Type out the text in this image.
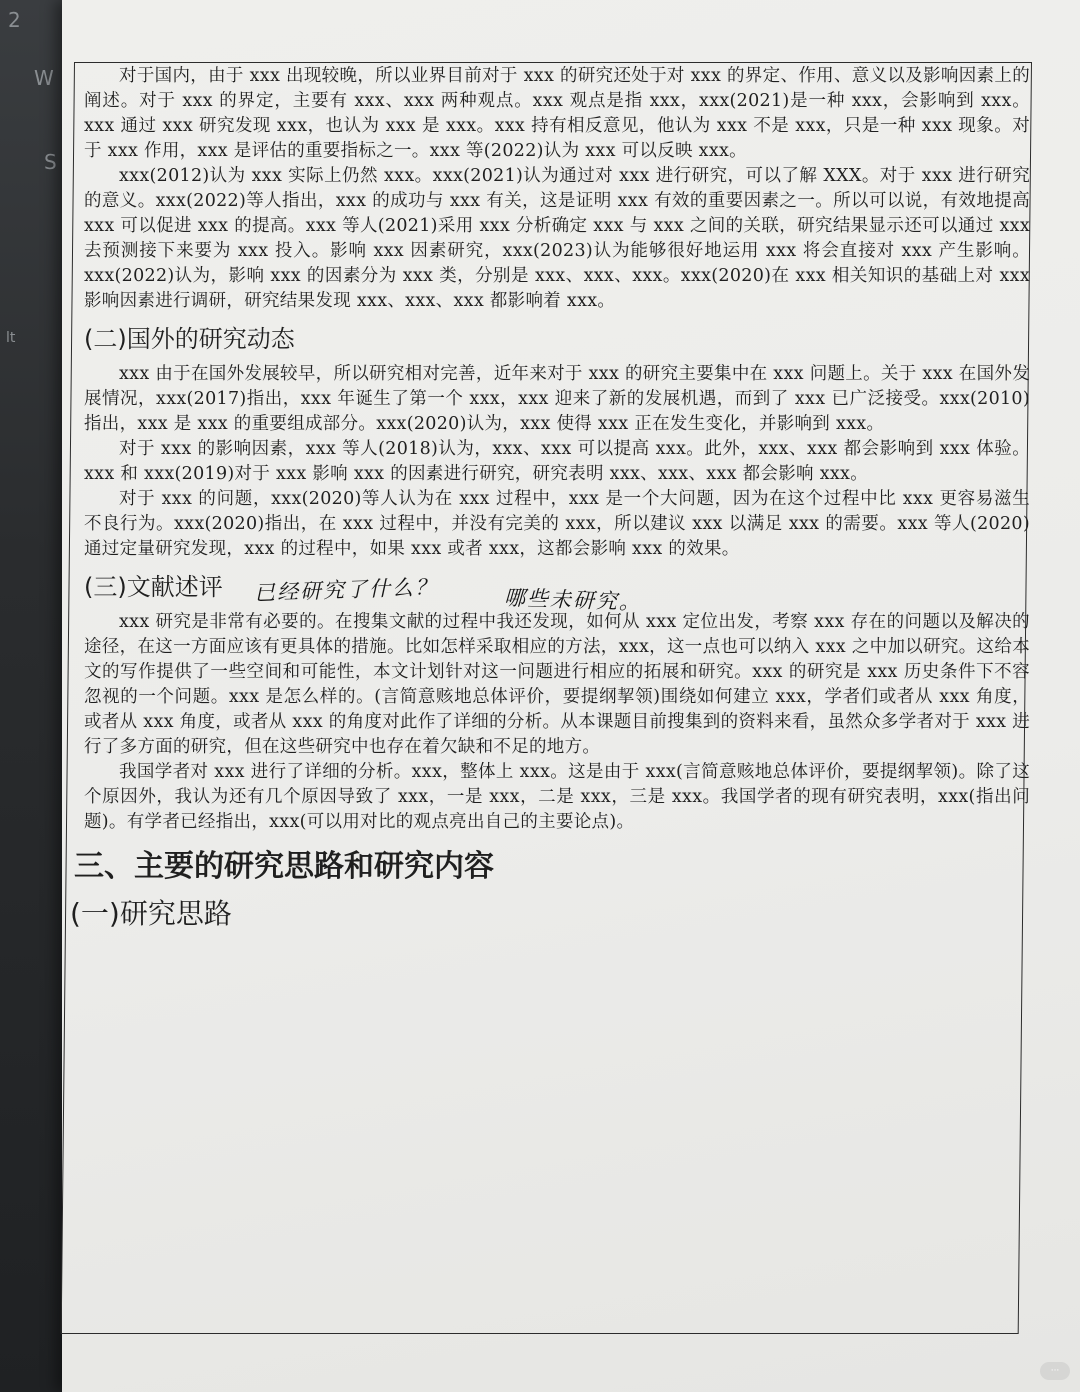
2
W
S
lt

对于国内，由于 xxx 出现较晚，所以业界目前对于 xxx 的研究还处于对 xxx 的界定、作用、意义以及影响因素上的阐述。对于 xxx 的界定，主要有 xxx、xxx 两种观点。xxx 观点是指 xxx，xxx(2021)是一种 xxx，会影响到 xxx。xxx 通过 xxx 研究发现 xxx，也认为 xxx 是 xxx。xxx 持有相反意见，他认为 xxx 不是 xxx，只是一种 xxx 现象。对于 xxx 作用，xxx 是评估的重要指标之一。xxx 等(2022)认为 xxx 可以反映 xxx。

xxx(2012)认为 xxx 实际上仍然 xxx。xxx(2021)认为通过对 xxx 进行研究，可以了解 XXX。对于 xxx 进行研究的意义。xxx(2022)等人指出，xxx 的成功与 xxx 有关，这是证明 xxx 有效的重要因素之一。所以可以说，有效地提高 xxx 可以促进 xxx 的提高。xxx 等人(2021)采用 xxx 分析确定 xxx 与 xxx 之间的关联，研究结果显示还可以通过 xxx 去预测接下来要为 xxx 投入。影响 xxx 因素研究，xxx(2023)认为能够很好地运用 xxx 将会直接对 xxx 产生影响。xxx(2022)认为，影响 xxx 的因素分为 xxx 类，分别是 xxx、xxx、xxx。xxx(2020)在 xxx 相关知识的基础上对 xxx 影响因素进行调研，研究结果发现 xxx、xxx、xxx 都影响着 xxx。

(二)国外的研究动态

xxx 由于在国外发展较早，所以研究相对完善，近年来对于 xxx 的研究主要集中在 xxx 问题上。关于 xxx 在国外发展情况，xxx(2017)指出，xxx 年诞生了第一个 xxx，xxx 迎来了新的发展机遇，而到了 xxx 已广泛接受。xxx(2010)指出，xxx 是 xxx 的重要组成部分。xxx(2020)认为，xxx 使得 xxx 正在发生变化，并影响到 xxx。

对于 xxx 的影响因素，xxx 等人(2018)认为，xxx、xxx 可以提高 xxx。此外，xxx、xxx 都会影响到 xxx 体验。xxx 和 xxx(2019)对于 xxx 影响 xxx 的因素进行研究，研究表明 xxx、xxx、xxx 都会影响 xxx。

对于 xxx 的问题，xxx(2020)等人认为在 xxx 过程中，xxx 是一个大问题，因为在这个过程中比 xxx 更容易滋生不良行为。xxx(2020)指出，在 xxx 过程中，并没有完美的 xxx，所以建议 xxx 以满足 xxx 的需要。xxx 等人(2020)通过定量研究发现，xxx 的过程中，如果 xxx 或者 xxx，这都会影响 xxx 的效果。

(三)文献述评	已经研究了什么？	哪些未研究。

xxx 研究是非常有必要的。在搜集文献的过程中我还发现，如何从 xxx 定位出发，考察 xxx 存在的问题以及解决的途径，在这一方面应该有更具体的措施。比如怎样采取相应的方法，xxx，这一点也可以纳入 xxx 之中加以研究。这给本文的写作提供了一些空间和可能性，本文计划针对这一问题进行相应的拓展和研究。xxx 的研究是 xxx 历史条件下不容忽视的一个问题。xxx 是怎么样的。(言简意赅地总体评价，要提纲挈领)围绕如何建立 xxx，学者们或者从 xxx 角度，或者从 xxx 角度，或者从 xxx 的角度对此作了详细的分析。从本课题目前搜集到的资料来看，虽然众多学者对于 xxx 进行了多方面的研究，但在这些研究中也存在着欠缺和不足的地方。

我国学者对 xxx 进行了详细的分析。xxx，整体上 xxx。这是由于 xxx(言简意赅地总体评价，要提纲挈领)。除了这个原因外，我认为还有几个原因导致了 xxx，一是 xxx，二是 xxx，三是 xxx。我国学者的现有研究表明，xxx(指出问题)。有学者已经指出，xxx(可以用对比的观点亮出自己的主要论点)。

三、主要的研究思路和研究内容
(一)研究思路
···
